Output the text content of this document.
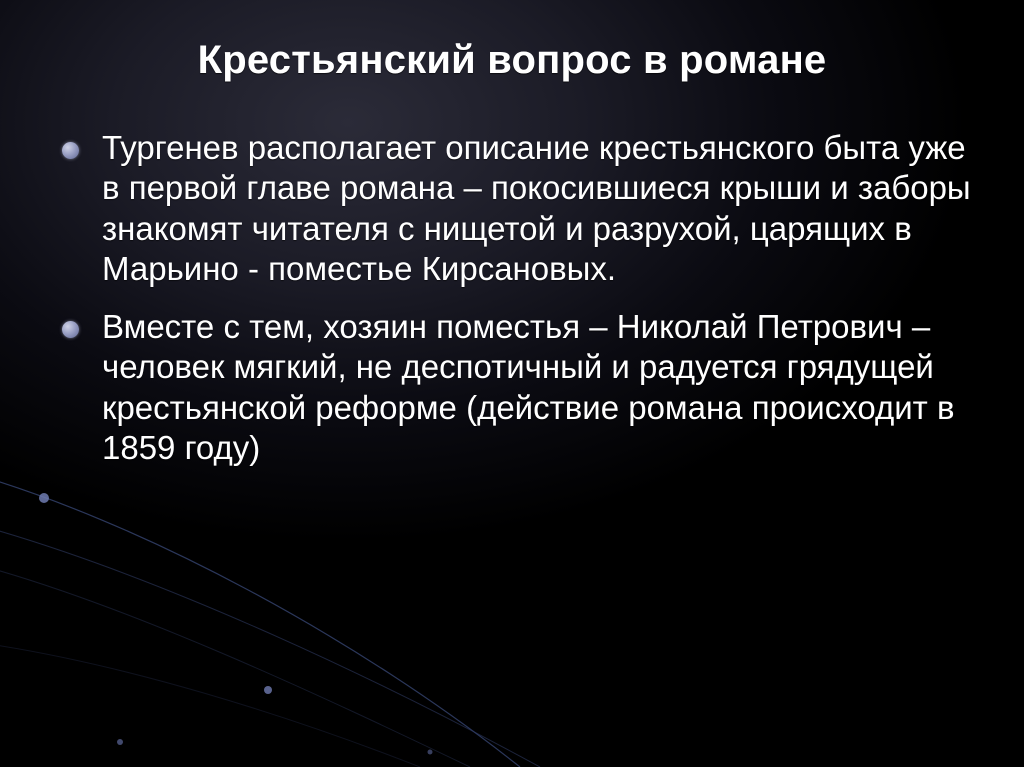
Крестьянский вопрос в романе
Тургенев располагает описание крестьянского быта уже в первой главе романа – покосившиеся крыши и заборы знакомят читателя с нищетой и разрухой, царящих в Марьино - поместье Кирсановых.
Вместе с тем, хозяин поместья – Николай Петрович – человек мягкий, не деспотичный и радуется грядущей крестьянской реформе (действие романа происходит в 1859 году)
